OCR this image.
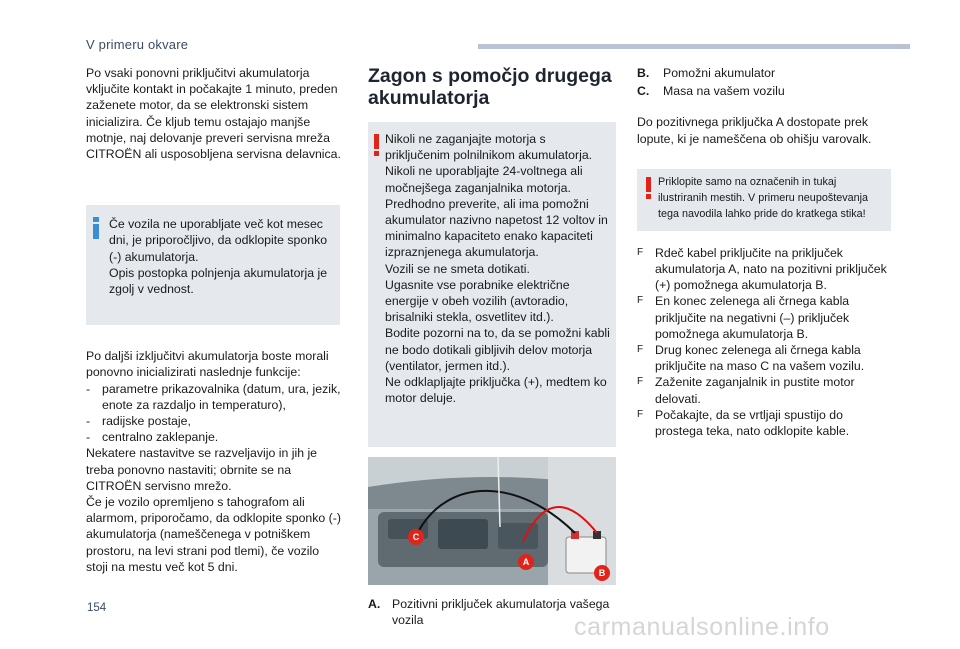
V primeru okvare

Po vsaki ponovni priključitvi akumulatorja vključite kontakt in počakajte 1 minuto, preden zaženete motor, da se elektronski sistem inicializira. Če kljub temu ostajajo manjše motnje, naj delovanje preveri servisna mreža CITROËN ali usposobljena servisna delavnica.

Če vozila ne uporabljate več kot mesec dni, je priporočljivo, da odklopite sponko (-) akumulatorja.
Opis postopka polnjenja akumulatorja je zgolj v vednost.

Po daljši izključitvi akumulatorja boste morali ponovno inicializirati naslednje funkcije:

- parametre prikazovalnika (datum, ura, jezik, enote za razdaljo in temperaturo),
- radijske postaje,
- centralno zaklepanje.

Nekatere nastavitve se razveljavijo in jih je treba ponovno nastaviti; obrnite se na CITROËN servisno mrežo.
Če je vozilo opremljeno s tahografom ali alarmom, priporočamo, da odklopite sponko (-) akumulatorja (nameščenega v potniškem prostoru, na levi strani pod tlemi), če vozilo stoji na mestu več kot 5 dni.

Zagon s pomočjo drugega akumulatorja
Nikoli ne zaganjajte motorja s priključenim polnilnikom akumulatorja.
Nikoli ne uporabljajte 24-voltnega ali močnejšega zaganjalnika motorja.
Predhodno preverite, ali ima pomožni akumulator nazivno napetost 12 voltov in minimalno kapaciteto enako kapaciteti izpraznjenega akumulatorja.
Vozili se ne smeta dotikati.
Ugasnite vse porabnike električne energije v obeh vozilih (avtoradio, brisalniki stekla, osvetlitev itd.).
Bodite pozorni na to, da se pomožni kabli ne bodo dotikali gibljivih delov motorja (ventilator, jermen itd.).
Ne odklapljajte priključka (+), medtem ko motor deluje.
C
A
B
A. Pozitivni priključek akumulatorja vašega vozila
B.	Pomožni akumulator
C.	Masa na vašem vozilu

Do pozitivnega priključka A dostopate prek lopute, ki je nameščena ob ohišju varovalk.

Priklopite samo na označenih in tukaj ilustriranih mestih. V primeru neupoštevanja tega navodila lahko pride do kratkega stika!
F Rdeč kabel priključite na priključek akumulatorja A, nato na pozitivni priključek (+) pomožnega akumulatorja B.
F En konec zelenega ali črnega kabla priključite na negativni (–) priključek pomožnega akumulatorja B.
F Drug konec zelenega ali črnega kabla priključite na maso C na vašem vozilu.
F Zaženite zaganjalnik in pustite motor delovati.
F Počakajte, da se vrtljaji spustijo do prostega teka, nato odklopite kable.
154
carmanualsonline.info
